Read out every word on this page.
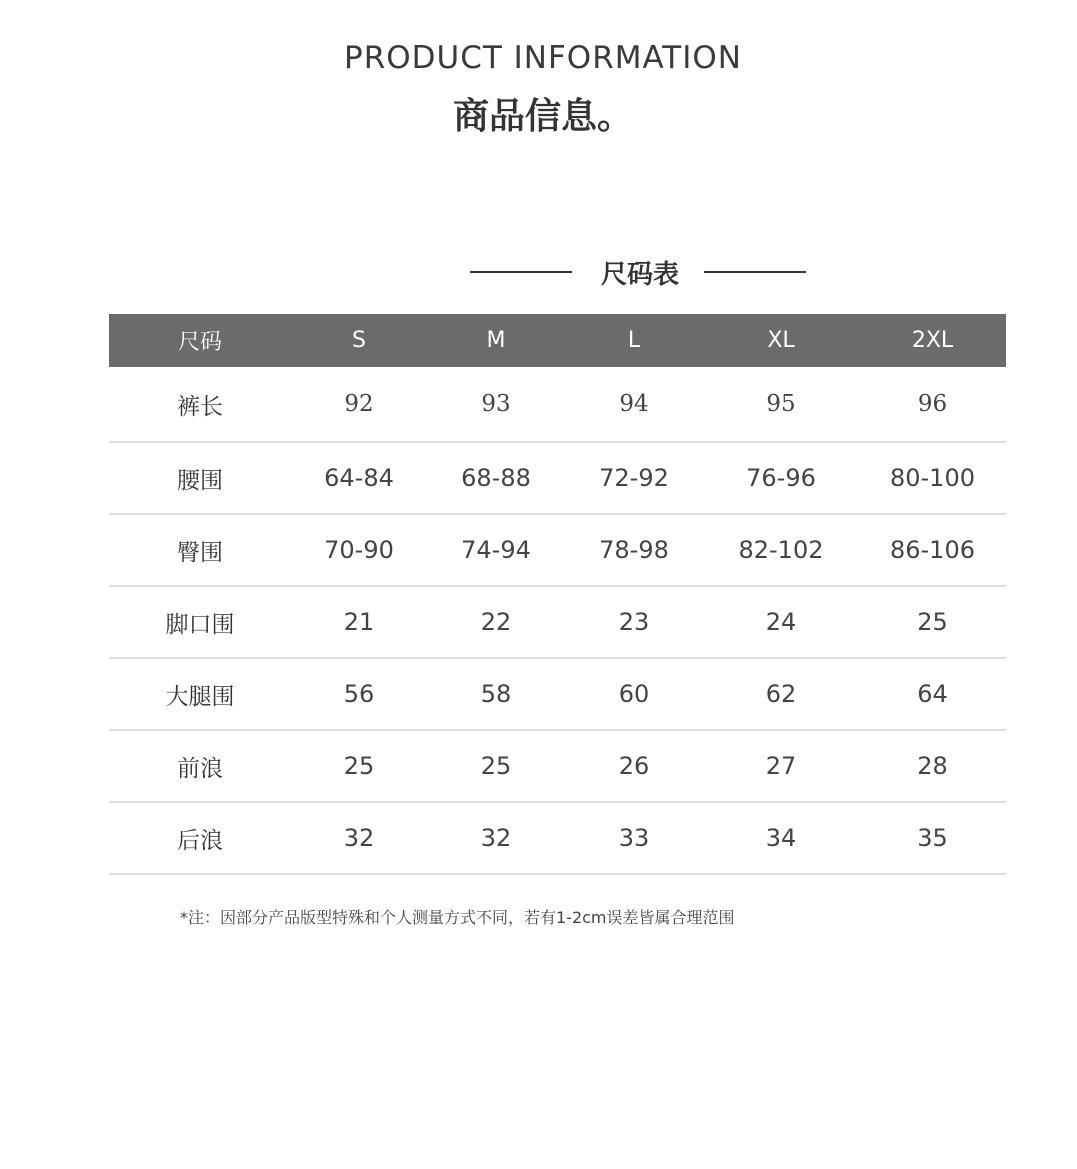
PRODUCT INFORMATION
商品信息。
尺码表
尺码	S	M	L	XL	2XL
裤长	92	93	94	95	96
腰围	64-84	68-88	72-92	76-96	80-100
臀围	70-90	74-94	78-98	82-102	86-106
脚口围	21	22	23	24	25
大腿围	56	58	60	62	64
前浪	25	25	26	27	28
后浪	32	32	33	34	35
*注：因部分产品版型特殊和个人测量方式不同，若有1-2cm误差皆属合理范围
